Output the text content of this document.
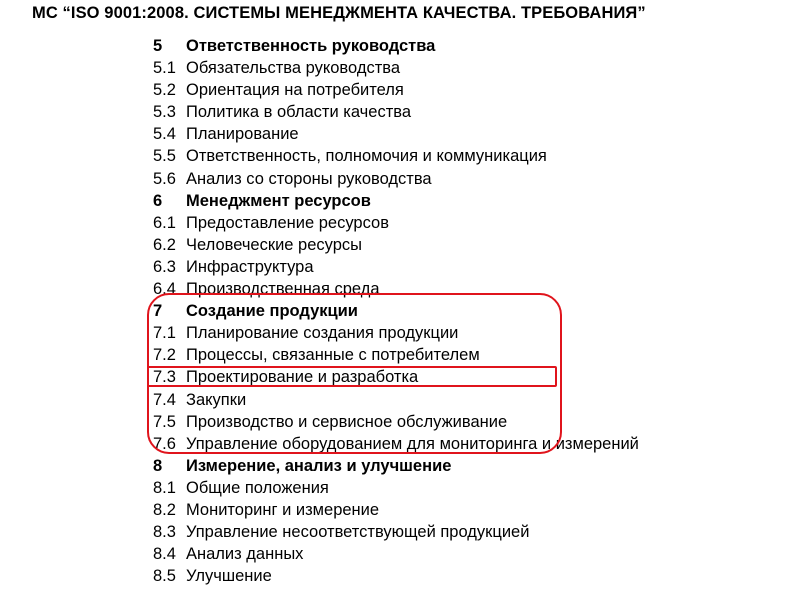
МС “ISO 9001:2008. СИСТЕМЫ МЕНЕДЖМЕНТА КАЧЕСТВА. ТРЕБОВАНИЯ”
5 Ответственность руководства
5.1 Обязательства руководства
5.2 Ориентация на потребителя
5.3 Политика в области качества
5.4 Планирование
5.5 Ответственность, полномочия и коммуникация
5.6 Анализ со стороны руководства
6 Менеджмент ресурсов
6.1 Предоставление ресурсов
6.2 Человеческие ресурсы
6.3 Инфраструктура
6.4 Производственная среда
7 Создание продукции
7.1 Планирование создания продукции
7.2 Процессы, связанные с потребителем
7.3 Проектирование и разработка
7.4 Закупки
7.5 Производство и сервисное обслуживание
7.6 Управление оборудованием для мониторинга и измерений
8 Измерение, анализ и улучшение
8.1 Общие положения
8.2 Мониторинг и измерение
8.3 Управление несоответствующей продукцией
8.4 Анализ данных
8.5 Улучшение
